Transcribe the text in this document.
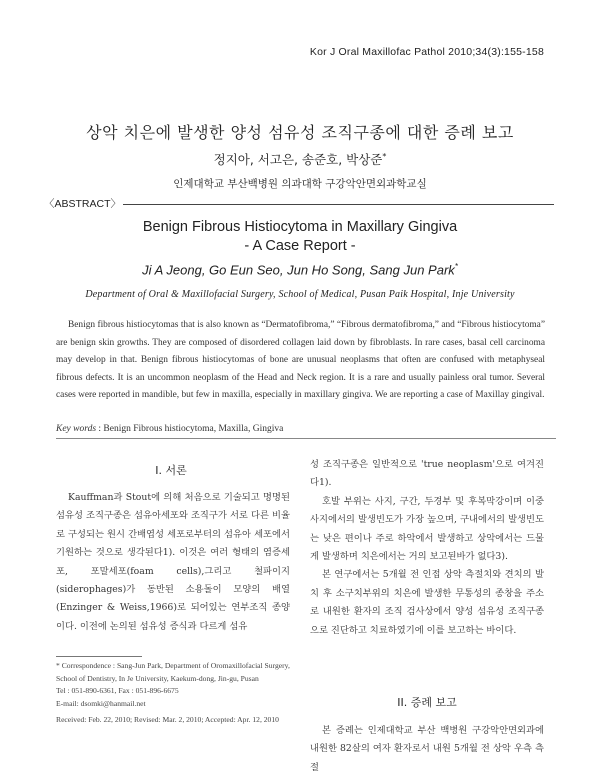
Kor J Oral Maxillofac Pathol 2010;34(3):155-158
상악 치은에 발생한 양성 섬유성 조직구종에 대한 증례 보고
정지아, 서고은, 송준호, 박상준*
인제대학교 부산백병원 의과대학 구강악안면외과학교실
〈ABSTRACT〉
Benign Fibrous Histiocytoma in Maxillary Gingiva
- A Case Report -
Ji A Jeong, Go Eun Seo, Jun Ho Song, Sang Jun Park*
Department of Oral & Maxillofacial Surgery, School of Medical, Pusan Paik Hospital, Inje University
Benign fibrous histiocytomas that is also known as “Dermatofibroma,” “Fibrous dermatofibroma,” and “Fibrous histiocytoma” are benign skin growths. They are composed of disordered collagen laid down by fibroblasts. In rare cases, basal cell carcinoma may develop in that. Benign fibrous histiocytomas of bone are unusual neoplasms that often are confused with metaphyseal fibrous defects. It is an uncommon neoplasm of the Head and Neck region. It is a rare and usually painless oral tumor. Several cases were reported in mandible, but few in maxilla, especially in maxillary gingiva. We are reporting a case of Maxillay gingival.
Key words : Benign Fibrous histiocytoma, Maxilla, Gingiva
I. 서론

Kauffman과 Stout에 의해 처음으로 기술되고 명명된 섬유성 조직구종은 섬유아세포와 조직구가 서로 다른 비율로 구성되는 원시 간배엽성 세포로부터의 섬유아 세포에서 기원하는 것으로 생각된다1). 이것은 여러 형태의 염증세포, 포말세포(foam cells),그리고 철파이지(siderophages)가 동반된 소용돌이 모양의 배열(Enzinger & Weiss,1966)로 되어있는 연부조직 종양이다. 이전에 논의된 섬유성 증식과 다르게 섬유

* Correspondence : Sang-Jun Park, Department of Oromaxillofacial Surgery, School of Dentistry, In Je University, Kaekum-dong, Jin-gu, Pusan
Tel : 051-890-6361, Fax : 051-896-6675
E-mail: dsomki@hanmail.net
Received: Feb. 22, 2010; Revised: Mar. 2, 2010; Accepted: Apr. 12, 2010

성 조직구종은 일반적으로 'true neoplasm'으로 여겨진다1).

호발 부위는 사지, 구간, 두경부 및 후복막강이며 이중 사지에서의 발생빈도가 가장 높으며, 구내에서의 발생빈도는 낮은 편이나 주로 하악에서 발생하고 상악에서는 드물게 발생하며 치은에서는 거의 보고된바가 없다3).

본 연구에서는 5개월 전 인접 상악 측절치와 견치의 발치 후 소구치부위의 치은에 발생한 무통성의 종창을 주소로 내원한 환자의 조직 검사상에서 양성 섬유성 조직구종으로 진단하고 치료하였기에 이를 보고하는 바이다.

II. 증례 보고

본 증례는 인제대학교 부산 백병원 구강악안면외과에 내원한 82살의 여자 환자로서 내원 5개월 전 상악 우측 측절
